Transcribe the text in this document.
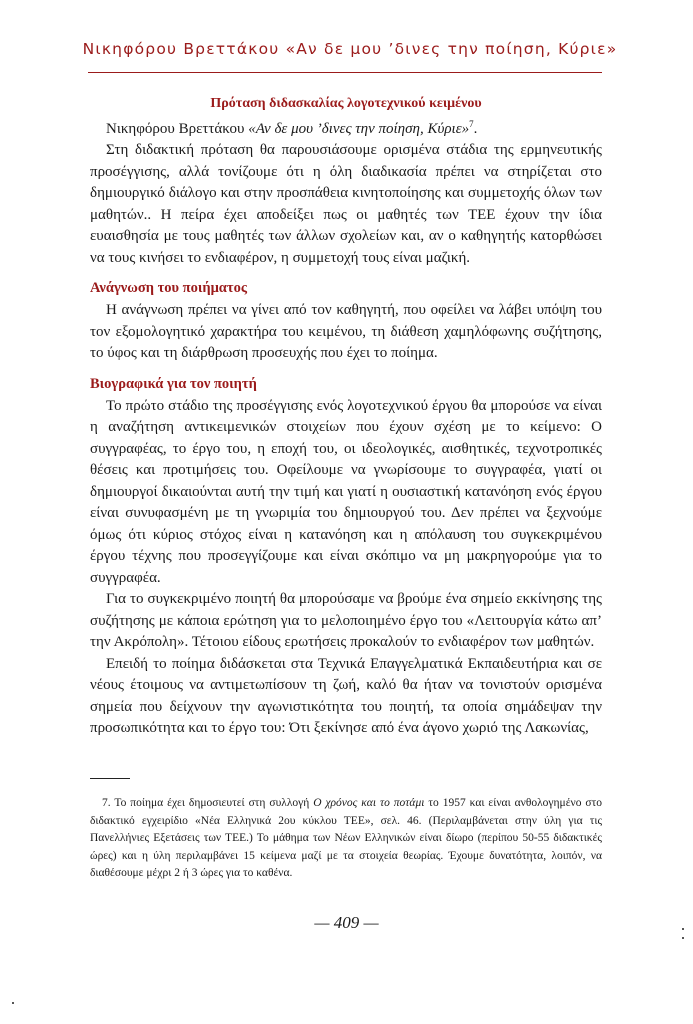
Νικηφόρου Βρεττάκου «Αν δε μου ’δινες την ποίηση, Κύριε»
Πρόταση διδασκαλίας λογοτεχνικού κειμένου

Νικηφόρου Βρεττάκου «Αν δε μου ’δινες την ποίηση, Κύριε»$^7$.

Στη διδακτική πρόταση θα παρουσιάσουμε ορισμένα στάδια της ερμηνευτικής προσέγγισης, αλλά τονίζουμε ότι η όλη διαδικασία πρέπει να στηρίζεται στο δημιουργικό διάλογο και στην προσπάθεια κινητοποίησης και συμμετοχής όλων των μαθητών.. Η πείρα έχει αποδείξει πως οι μαθητές των ΤΕΕ έχουν την ίδια ευαισθησία με τους μαθητές των άλλων σχολείων και, αν ο καθηγητής κατορθώσει να τους κινήσει το ενδιαφέρον, η συμμετοχή τους είναι μαζική.

Ανάγνωση του ποιήματος

Η ανάγνωση πρέπει να γίνει από τον καθηγητή, που οφείλει να λάβει υπόψη του τον εξομολογητικό χαρακτήρα του κειμένου, τη διάθεση χαμηλόφωνης συζήτησης, το ύφος και τη διάρθρωση προσευχής που έχει το ποίημα.

Βιογραφικά για τον ποιητή

Το πρώτο στάδιο της προσέγγισης ενός λογοτεχνικού έργου θα μπορούσε να είναι η αναζήτηση αντικειμενικών στοιχείων που έχουν σχέση με το κείμενο: Ο συγγραφέας, το έργο του, η εποχή του, οι ιδεολογικές, αισθητικές, τεχνοτροπικές θέσεις και προτιμήσεις του. Οφείλουμε να γνωρίσουμε το συγγραφέα, γιατί οι δημιουργοί δικαιούνται αυτή την τιμή και γιατί η ουσιαστική κατανόηση ενός έργου είναι συνυφασμένη με τη γνωριμία του δημιουργού του. Δεν πρέπει να ξεχνούμε όμως ότι κύριος στόχος είναι η κατανόηση και η απόλαυση του συγκεκριμένου έργου τέχνης που προσεγγίζουμε και είναι σκόπιμο να μη μακρηγορούμε για το συγγραφέα.

Για το συγκεκριμένο ποιητή θα μπορούσαμε να βρούμε ένα σημείο εκκίνησης της συζήτησης με κάποια ερώτηση για το μελοποιημένο έργο του «Λειτουργία κάτω απ’ την Ακρόπολη». Τέτοιου είδους ερωτήσεις προκαλούν το ενδιαφέρον των μαθητών.

Επειδή το ποίημα διδάσκεται στα Τεχνικά Επαγγελματικά Εκπαιδευτήρια και σε νέους έτοιμους να αντιμετωπίσουν τη ζωή, καλό θα ήταν να τονιστούν ορισμένα σημεία που δείχνουν την αγωνιστικότητα του ποιητή, τα οποία σημάδεψαν την προσωπικότητα και το έργο του: Ότι ξεκίνησε από ένα άγονο χωριό της Λακωνίας,

7. Το ποίημα έχει δημοσιευτεί στη συλλογή Ο χρόνος και το ποτάμι το 1957 και είναι ανθολογημένο στο διδακτικό εγχειρίδιο «Νέα Ελληνικά 2ου κύκλου ΤΕΕ», σελ. 46. (Περιλαμβάνεται στην ύλη για τις Πανελλήνιες Εξετάσεις των ΤΕΕ.) Το μάθημα των Νέων Ελληνικών είναι δίωρο (περίπου 50-55 διδακτικές ώρες) και η ύλη περιλαμβάνει 15 κείμενα μαζί με τα στοιχεία θεωρίας. Έχουμε δυνατότητα, λοιπόν, να διαθέσουμε μέχρι 2 ή 3 ώρες για το καθένα.

— 409 —
